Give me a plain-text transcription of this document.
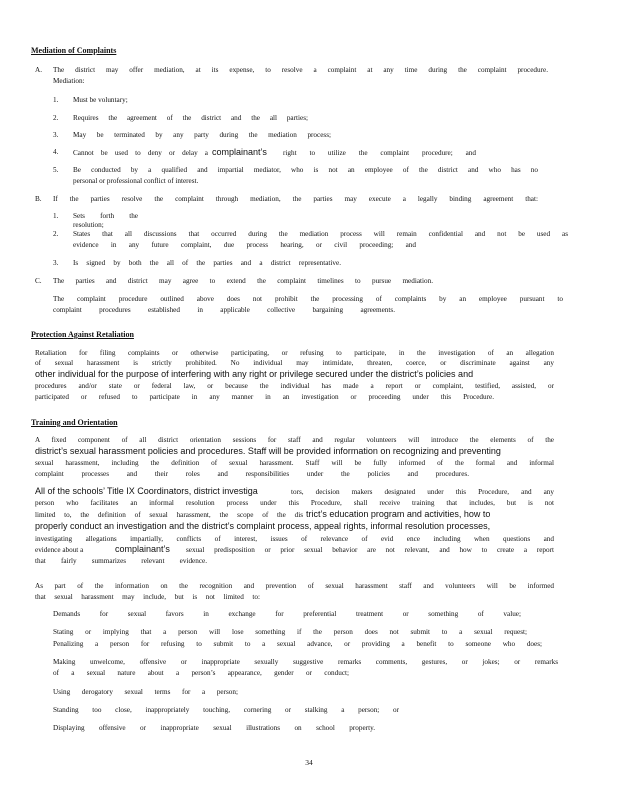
Mediation of Complaints
A. The district may offer mediation, at its expense, to resolve a complaint at any time during the complaint procedure.
Mediation:
1. Must be voluntary;
2. Requires the agreement of the district and the all parties;
3. May be terminated by any party during the mediation process;
4. Cannot be used to deny or delay a complainant’s right to utilize the complaint procedure; and
5. Be conducted by a qualified and impartial mediator, who is not an employee of the district and who has no
personal or professional conflict of interest.
B. If the parties resolve the complaint through mediation, the parties may execute a legally binding agreement that:
1. Sets forth the resolution;
2. States that all discussions that occurred during the mediation process will remain confidential and not be used as
evidence in any future complaint, due process hearing, or civil proceeding; and
3. Is signed by both the all of the parties and a district representative.
C. The parties and district may agree to extend the complaint timelines to pursue mediation.
The complaint procedure outlined above does not prohibit the processing of complaints by an employee pursuant to
complaint procedures established in applicable collective bargaining agreements.
Protection Against Retaliation
Retaliation for filing complaints or otherwise participating, or refusing to participate, in the investigation of an allegation
of sexual harassment is strictly prohibited. No individual may intimidate, threaten, coerce, or discriminate against any
other individual for the purpose of interfering with any right or privilege secured under the district’s policies and
procedures and/or state or federal law, or because the individual has made a report or complaint, testified, assisted, or
participated or refused to participate in any manner in an investigation or proceeding under this Procedure.
Training and Orientation
A fixed component of all district orientation sessions for staff and regular volunteers will introduce the elements of the
district’s sexual harassment policies and procedures. Staff will be provided information on recognizing and preventing
sexual harassment, including the definition of sexual harassment. Staff will be fully informed of the formal and informal
complaint processes and their roles and responsibilities under the policies and procedures.
All of the schools’ Title IX Coordinators, district investiga	tors, decision makers designated under this Procedure, and any
person who facilitates an informal resolution process under this Procedure, shall receive training that includes, but is not
limited to, the definition of sexual harassment, the scope of the dis trict’s education program and activities, how to
properly conduct an investigation and the district’s complaint process, appeal rights, informal resolution processes,
investigating allegations impartially, conflicts of interest, issues of relevance of evid ence including when questions and
evidence about a	complainant’s sexual predisposition or prior sexual behavior are not relevant, and how to create a report
that fairly summarizes relevant evidence.
As part of the information on the recognition and prevention of sexual harassment staff and volunteers will be informed
that sexual harassment may include, but is not limited to:
Demands for sexual favors in exchange for preferential treatment or something of value;
Stating or implying that a person will lose something if the person does not submit to a sexual request;
Penalizing a person for refusing to submit to a sexual advance, or providing a benefit to someone who does;
Making unwelcome, offensive or inappropriate sexually suggestive remarks comments, gestures, or jokes; or remarks
of a sexual nature about a person’s appearance, gender or conduct;
Using derogatory sexual terms for a person;
Standing too close, inappropriately touching, cornering or stalking a person; or
Displaying offensive or inappropriate sexual illustrations on school property.
34
